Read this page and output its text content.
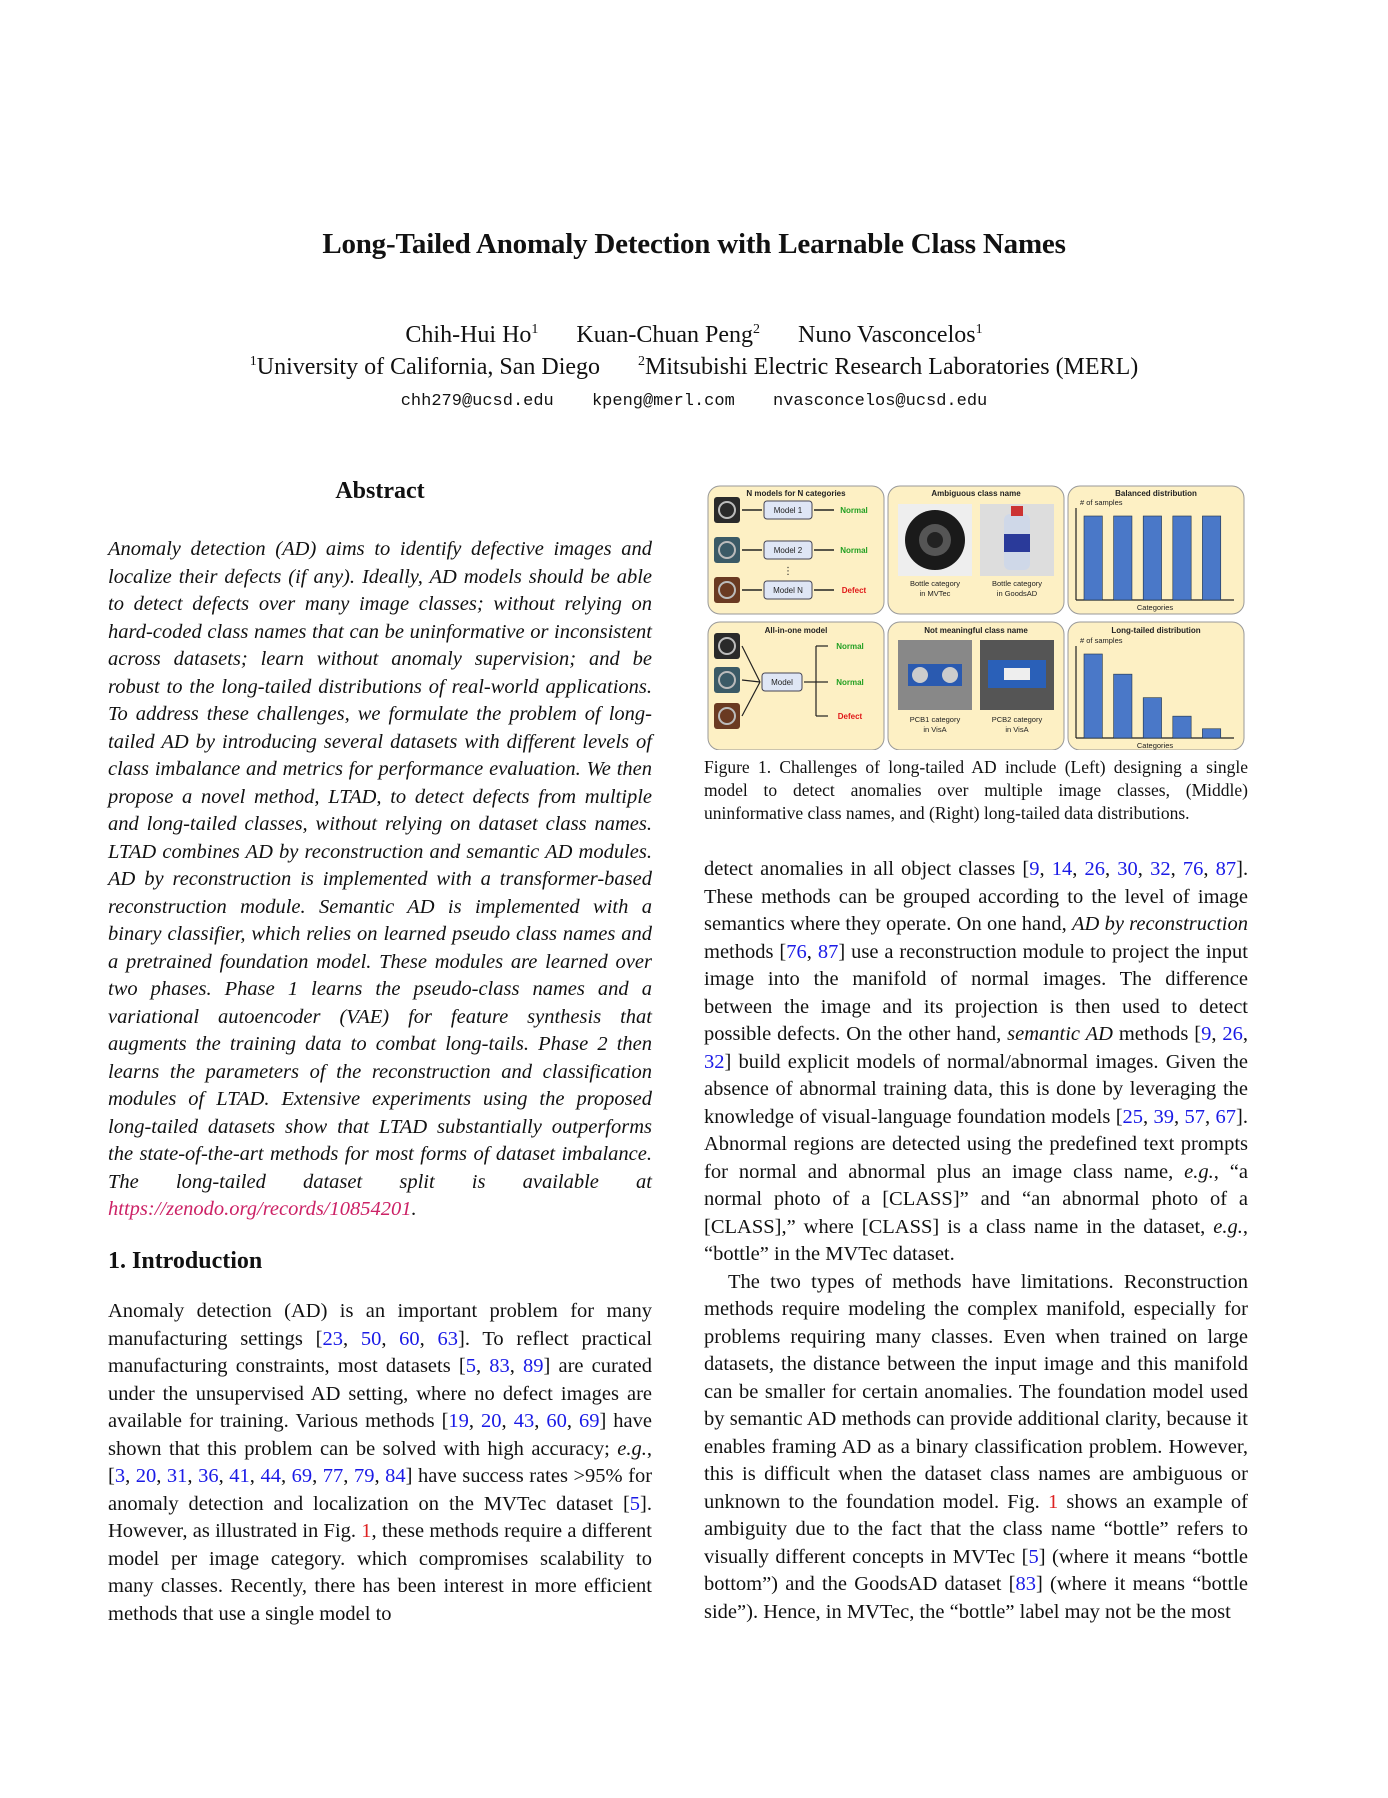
Long-Tailed Anomaly Detection with Learnable Class Names
Chih-Hui Ho$^1$ Kuan-Chuan Peng$^2$ Nuno Vasconcelos$^1$
$^1$University of California, San Diego	$^2$Mitsubishi Electric Research Laboratories (MERL)
chh279@ucsd.edu kpeng@merl.com nvasconcelos@ucsd.edu
Abstract
Anomaly detection (AD) aims to identify defective images and localize their defects (if any). Ideally, AD models should be able to detect defects over many image classes; without relying on hard-coded class names that can be uninformative or inconsistent across datasets; learn without anomaly supervision; and be robust to the long-tailed distributions of real-world applications. To address these challenges, we formulate the problem of long-tailed AD by introducing several datasets with different levels of class imbalance and metrics for performance evaluation. We then propose a novel method, LTAD, to detect defects from multiple and long-tailed classes, without relying on dataset class names. LTAD combines AD by reconstruction and semantic AD modules. AD by reconstruction is implemented with a transformer-based reconstruction module. Semantic AD is implemented with a binary classifier, which relies on learned pseudo class names and a pretrained foundation model. These modules are learned over two phases. Phase 1 learns the pseudo-class names and a variational autoencoder (VAE) for feature synthesis that augments the training data to combat long-tails. Phase 2 then learns the parameters of the reconstruction and classification modules of LTAD. Extensive experiments using the proposed long-tailed datasets show that LTAD substantially outperforms the state-of-the-art methods for most forms of dataset imbalance. The long-tailed dataset split is available at https://zenodo.org/records/10854201.
1. Introduction
Anomaly detection (AD) is an important problem for many manufacturing settings [23, 50, 60, 63]. To reflect practical manufacturing constraints, most datasets [5, 83, 89] are curated under the unsupervised AD setting, where no defect images are available for training. Various methods [19, 20, 43, 60, 69] have shown that this problem can be solved with high accuracy; e.g., [3, 20, 31, 36, 41, 44, 69, 77, 79, 84] have success rates >95% for anomaly detection and localization on the MVTec dataset [5]. However, as illustrated in Fig. 1, these methods require a different model per image category. which compromises scalability to many classes. Recently, there has been interest in more efficient methods that use a single model to
N models for N categories	Ambiguous class name	Balanced distribution
All-in-one model	Not meaningful class name	Long-tailed distribution
Model 1	Normal
Model 2	Normal
Model N	Defect
⋮
Bottle category
in MVTec
Bottle category
in GoodsAD
# of samples
Categories
# of samples
Categories
Model
Normal
Normal
Defect	PCB1 category
in VisA
PCB2 category
in VisA
Figure 1. Challenges of long-tailed AD include (Left) designing a single model to detect anomalies over multiple image classes, (Middle) uninformative class names, and (Right) long-tailed data distributions.

detect anomalies in all object classes [9, 14, 26, 30, 32, 76, 87]. These methods can be grouped according to the level of image semantics where they operate. On one hand, AD by reconstruction methods [76, 87] use a reconstruction module to project the input image into the manifold of normal images. The difference between the image and its projection is then used to detect possible defects. On the other hand, semantic AD methods [9, 26, 32] build explicit models of normal/abnormal images. Given the absence of abnormal training data, this is done by leveraging the knowledge of visual-language foundation models [25, 39, 57, 67]. Abnormal regions are detected using the predefined text prompts for normal and abnormal plus an image class name, e.g., “a normal photo of a [CLASS]” and “an abnormal photo of a [CLASS],” where [CLASS] is a class name in the dataset, e.g., “bottle” in the MVTec dataset.

The two types of methods have limitations. Reconstruction methods require modeling the complex manifold, especially for problems requiring many classes. Even when trained on large datasets, the distance between the input image and this manifold can be smaller for certain anomalies. The foundation model used by semantic AD methods can provide additional clarity, because it enables framing AD as a binary classification problem. However, this is difficult when the dataset class names are ambiguous or unknown to the foundation model. Fig. 1 shows an example of ambiguity due to the fact that the class name “bottle” refers to visually different concepts in MVTec [5] (where it means “bottle bottom”) and the GoodsAD dataset [83] (where it means “bottle side”). Hence, in MVTec, the “bottle” label may not be the most
